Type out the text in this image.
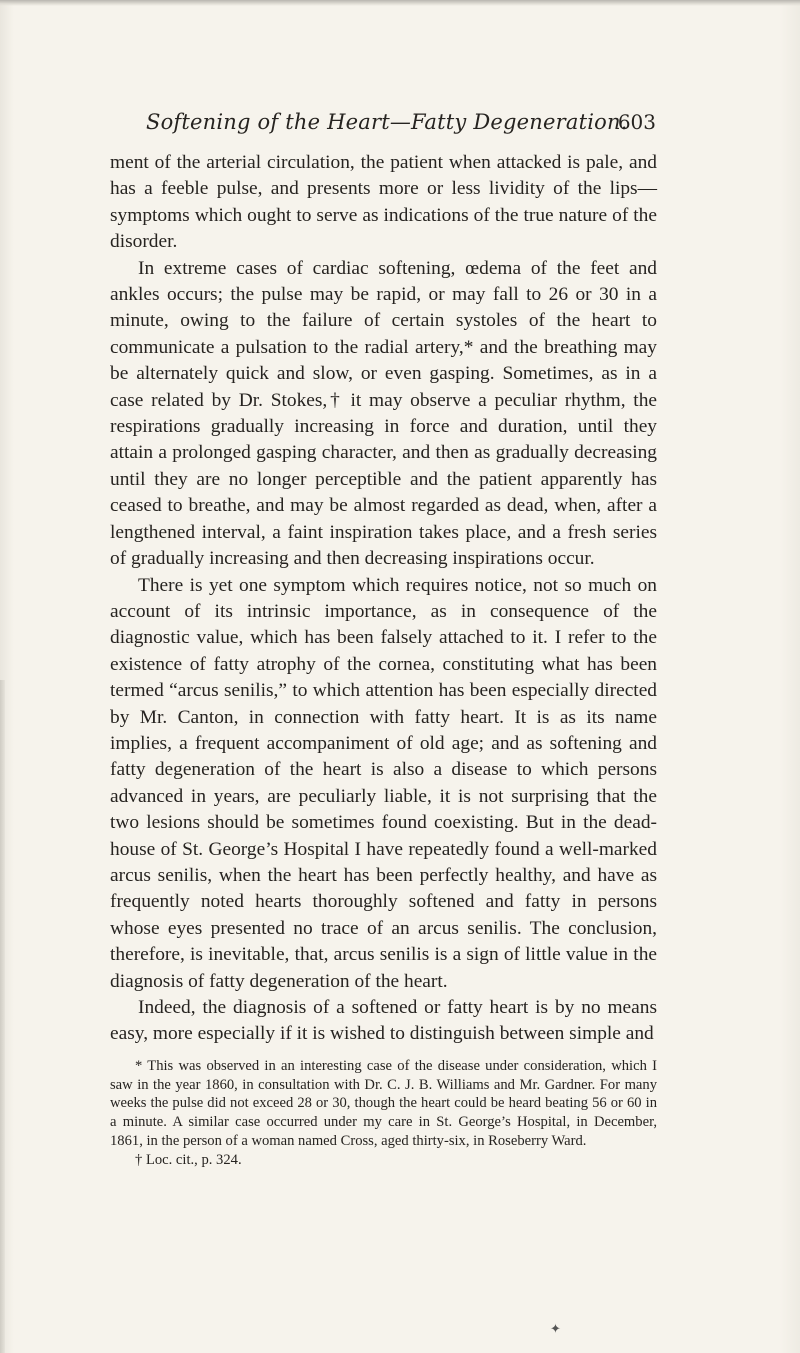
Softening of the Heart—Fatty Degeneration.
603

ment of the arterial circulation, the patient when attacked is pale, and has a feeble pulse, and presents more or less lividity of the lips—symptoms which ought to serve as indications of the true nature of the disorder.

In extreme cases of cardiac softening, œdema of the feet and ankles occurs; the pulse may be rapid, or may fall to 26 or 30 in a minute, owing to the failure of certain systoles of the heart to communicate a pulsation to the radial artery,* and the breathing may be alternately quick and slow, or even gasping. Sometimes, as in a case related by Dr. Stokes,† it may observe a peculiar rhythm, the respirations gradually increasing in force and duration, until they attain a prolonged gasping character, and then as gradually decreasing until they are no longer perceptible and the patient apparently has ceased to breathe, and may be almost regarded as dead, when, after a lengthened interval, a faint inspiration takes place, and a fresh series of gradually increasing and then decreasing inspirations occur.

There is yet one symptom which requires notice, not so much on account of its intrinsic importance, as in consequence of the diagnostic value, which has been falsely attached to it. I refer to the existence of fatty atrophy of the cornea, constituting what has been termed “arcus senilis,” to which attention has been especially directed by Mr. Canton, in connection with fatty heart. It is as its name implies, a frequent accompaniment of old age; and as softening and fatty degeneration of the heart is also a disease to which persons advanced in years, are peculiarly liable, it is not surprising that the two lesions should be sometimes found coexisting. But in the dead-house of St. George’s Hospital I have repeatedly found a well-marked arcus senilis, when the heart has been perfectly healthy, and have as frequently noted hearts thoroughly softened and fatty in persons whose eyes presented no trace of an arcus senilis. The conclusion, therefore, is inevitable, that, arcus senilis is a sign of little value in the diagnosis of fatty degeneration of the heart.

Indeed, the diagnosis of a softened or fatty heart is by no means easy, more especially if it is wished to distinguish between simple and

* This was observed in an interesting case of the disease under consideration, which I saw in the year 1860, in consultation with Dr. C. J. B. Williams and Mr. Gardner. For many weeks the pulse did not exceed 28 or 30, though the heart could be heard beating 56 or 60 in a minute. A similar case occurred under my care in St. George’s Hospital, in December, 1861, in the person of a woman named Cross, aged thirty-six, in Roseberry Ward.

† Loc. cit., p. 324.

✦
